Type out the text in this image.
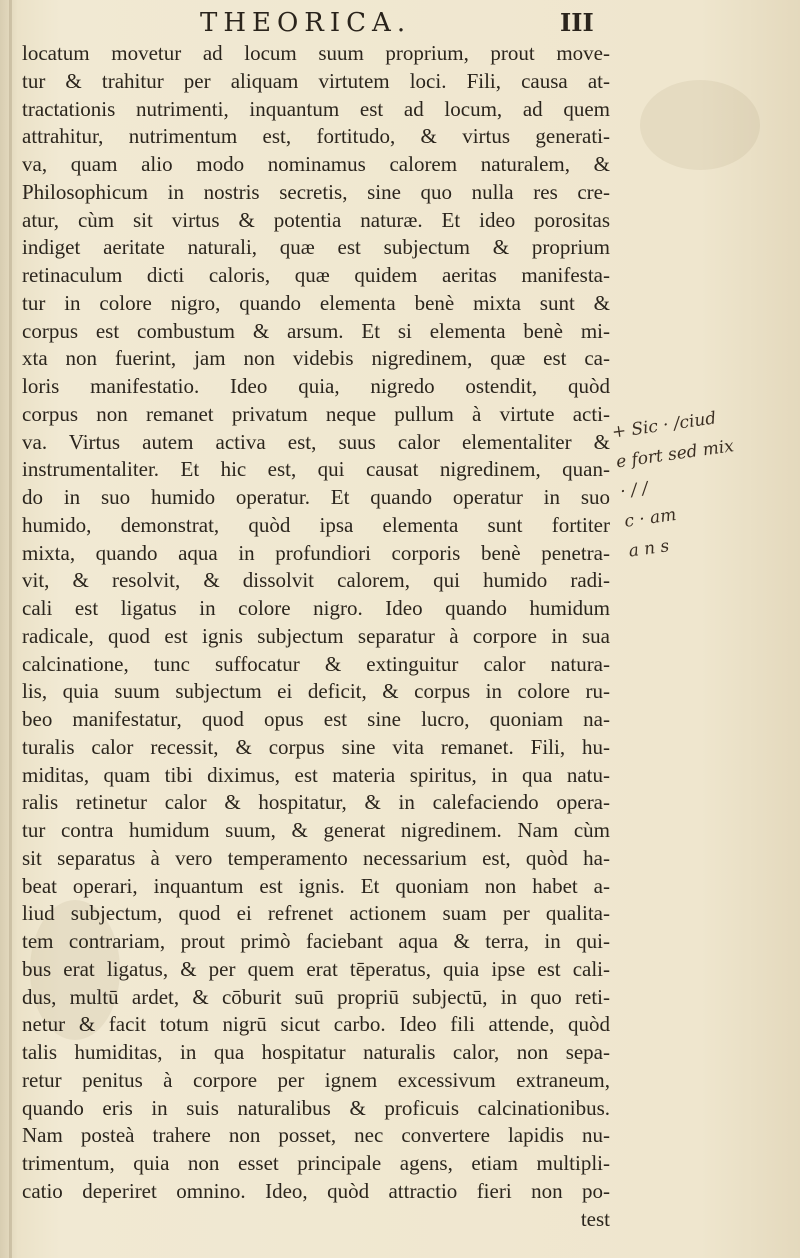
THEORICA.	III
locatum movetur ad locum suum proprium, prout move-
tur & trahitur per aliquam virtutem loci. Fili, causa at-
tractationis nutrimenti, inquantum est ad locum, ad quem
attrahitur, nutrimentum est, fortitudo, & virtus generati-
va, quam alio modo nominamus calorem naturalem, &
Philosophicum in nostris secretis, sine quo nulla res cre-
atur, cùm sit virtus & potentia naturæ. Et ideo porositas
indiget aeritate naturali, quæ est subjectum & proprium
retinaculum dicti caloris, quæ quidem aeritas manifesta-
tur in colore nigro, quando elementa benè mixta sunt &
corpus est combustum & arsum. Et si elementa benè mi-
xta non fuerint, jam non videbis nigredinem, quæ est ca-
loris manifestatio. Ideo quia, nigredo ostendit, quòd
corpus non remanet privatum neque pullum à virtute acti-
va. Virtus autem activa est, suus calor elementaliter &
instrumentaliter. Et hic est, qui causat nigredinem, quan-
do in suo humido operatur. Et quando operatur in suo
humido, demonstrat, quòd ipsa elementa sunt fortiter
mixta, quando aqua in profundiori corporis benè penetra-
vit, & resolvit, & dissolvit calorem, qui humido radi-
cali est ligatus in colore nigro. Ideo quando humidum
radicale, quod est ignis subjectum separatur à corpore in sua
calcinatione, tunc suffocatur & extinguitur calor natura-
lis, quia suum subjectum ei deficit, & corpus in colore ru-
beo manifestatur, quod opus est sine lucro, quoniam na-
turalis calor recessit, & corpus sine vita remanet. Fili, hu-
miditas, quam tibi diximus, est materia spiritus, in qua natu-
ralis retinetur calor & hospitatur, & in calefaciendo opera-
tur contra humidum suum, & generat nigredinem. Nam cùm
sit separatus à vero temperamento necessarium est, quòd ha-
beat operari, inquantum est ignis. Et quoniam non habet a-
liud subjectum, quod ei refrenet actionem suam per qualita-
tem contrariam, prout primò faciebant aqua & terra, in qui-
bus erat ligatus, & per quem erat tēperatus, quia ipse est cali-
dus, multū ardet, & cōburit suū propriū subjectū, in quo reti-
netur & facit totum nigrū sicut carbo. Ideo fili attende, quòd
talis humiditas, in qua hospitatur naturalis calor, non sepa-
retur penitus à corpore per ignem excessivum extraneum,
quando eris in suis naturalibus & proficuis calcinationibus.
Nam posteà trahere non posset, nec convertere lapidis nu-
trimentum, quia non esset principale agens, etiam multipli-
catio deperiret omnino. Ideo, quòd attractio fieri non po-
test
+ Sic · /ciud
e fort sed mix
· / /
c · am
a n s
